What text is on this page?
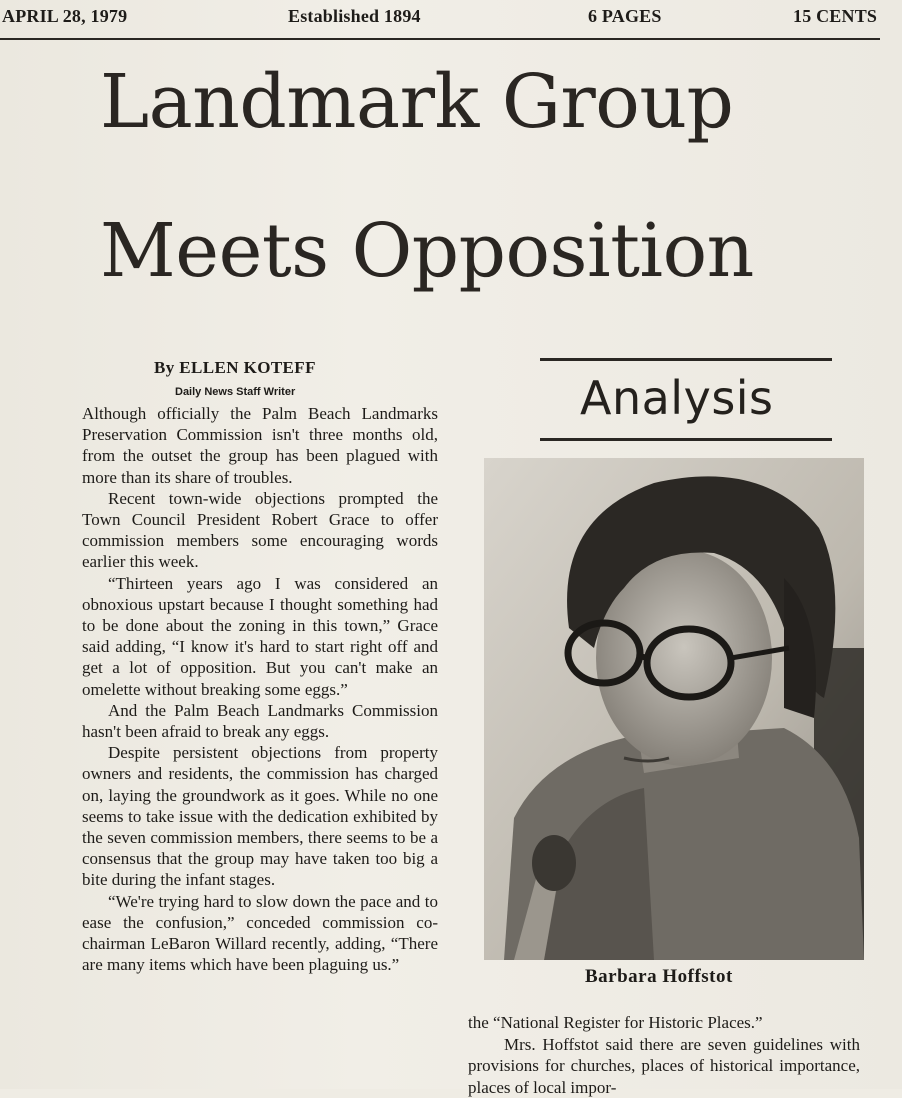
APRIL 28, 1979	Established 1894	6 PAGES	15 CENTS
Landmark Group
Meets Opposition
By ELLEN KOTEFF
Daily News Staff Writer

Although officially the Palm Beach Landmarks Preservation Commission isn't three months old, from the outset the group has been plagued with more than its share of troubles.

Recent town-wide objections prompted the Town Council President Robert Grace to offer commission members some encouraging words earlier this week.

“Thirteen years ago I was considered an obnoxious upstart because I thought something had to be done about the zoning in this town,” Grace said adding, “I know it's hard to start right off and get a lot of opposition. But you can't make an omelette without breaking some eggs.”

And the Palm Beach Landmarks Commission hasn't been afraid to break any eggs.

Despite persistent objections from property owners and residents, the commission has charged on, laying the groundwork as it goes. While no one seems to take issue with the dedication exhibited by the seven commission members, there seems to be a consensus that the group may have taken too big a bite during the infant stages.

“We're trying hard to slow down the pace and to ease the confusion,” conceded commission co-chairman LeBaron Willard recently, adding, “There are many items which have been plaguing us.”

Analysis
Barbara Hoffstot

the “National Register for Historic Places.”

Mrs. Hoffstot said there are seven guidelines with provisions for churches, places of historical importance, places of local impor-
